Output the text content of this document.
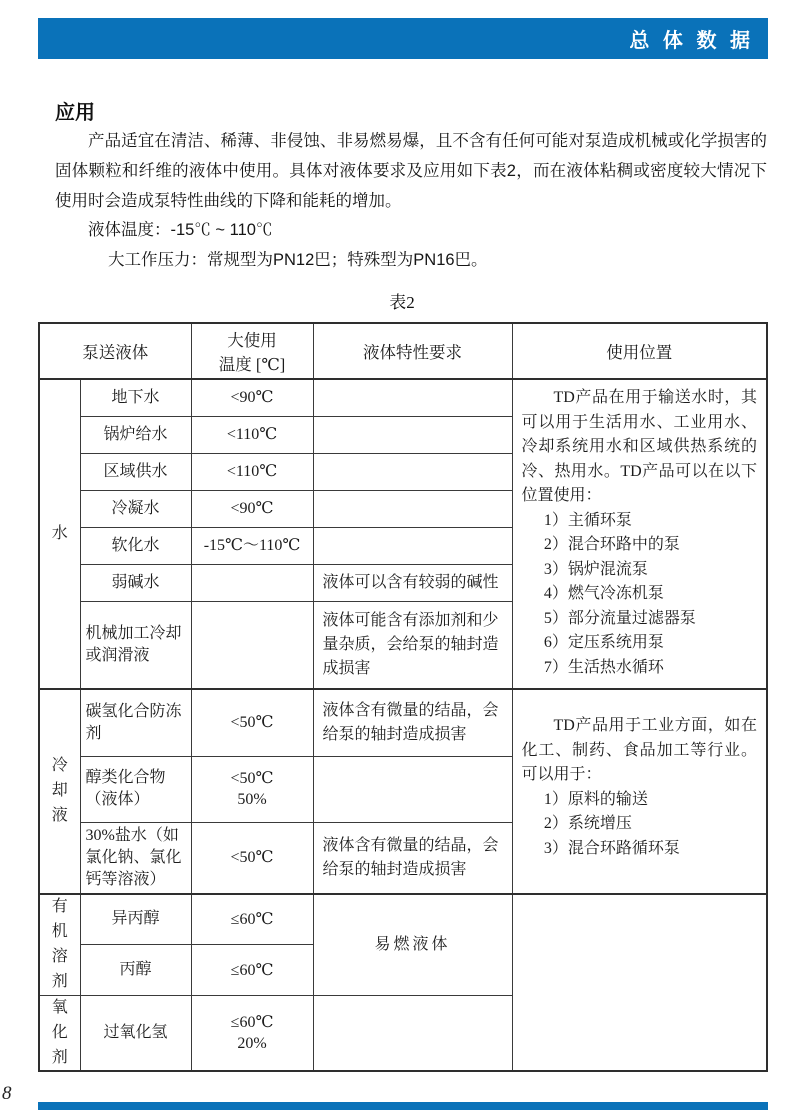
总 体 数 据
应用

产品适宜在清洁、稀薄、非侵蚀、非易燃易爆，且不含有任何可能对泵造成机械或化学损害的固体颗粒和纤维的液体中使用。具体对液体要求及应用如下表2，而在液体粘稠或密度较大情况下使用时会造成泵特性曲线的下降和能耗的增加。

液体温度：-15℃ ~ 110℃
大工作压力：常规型为PN12巴；特殊型为PN16巴。
表2
泵送液体		大使用
温度 [℃]	液体特性要求	使用位置
水	地下水	<90℃		TD产品在用于输送水时，其可以用于生活用水、工业用水、冷却系统用水和区域供热系统的冷、热用水。TD产品可以在以下位置使用：

1）主循环泵
2）混合环路中的泵
3）锅炉混流泵
4）燃气冷冻机泵
5）部分流量过滤器泵
6）定压系统用泵
7）生活热水循环

	锅炉给水	<110℃		
	区域供水	<110℃		
	冷凝水	<90℃		
	软化水	-15℃～110℃		
	弱碱水		液体可以含有较弱的碱性	
	机械加工冷却或润滑液		液体可能含有添加剂和少量杂质，会给泵的轴封造成损害	
冷却液	碳氢化合防冻剂	<50℃	液体含有微量的结晶，会给泵的轴封造成损害	TD产品用于工业方面，如在化工、制药、食品加工等行业。可以用于：

1）原料的输送
2）系统增压
3）混合环路循环泵

	醇类化合物（液体）	<50℃
50%		

	30%盐水（如氯化钠、氯化钙等溶液）	<50℃	液体含有微量的结晶，会给泵的轴封造成损害	
有机溶剂	异丙醇	≤60℃	易燃液体	
	丙醇	≤60℃		
氧化剂	过氧化氢	≤60℃
20%		

8
